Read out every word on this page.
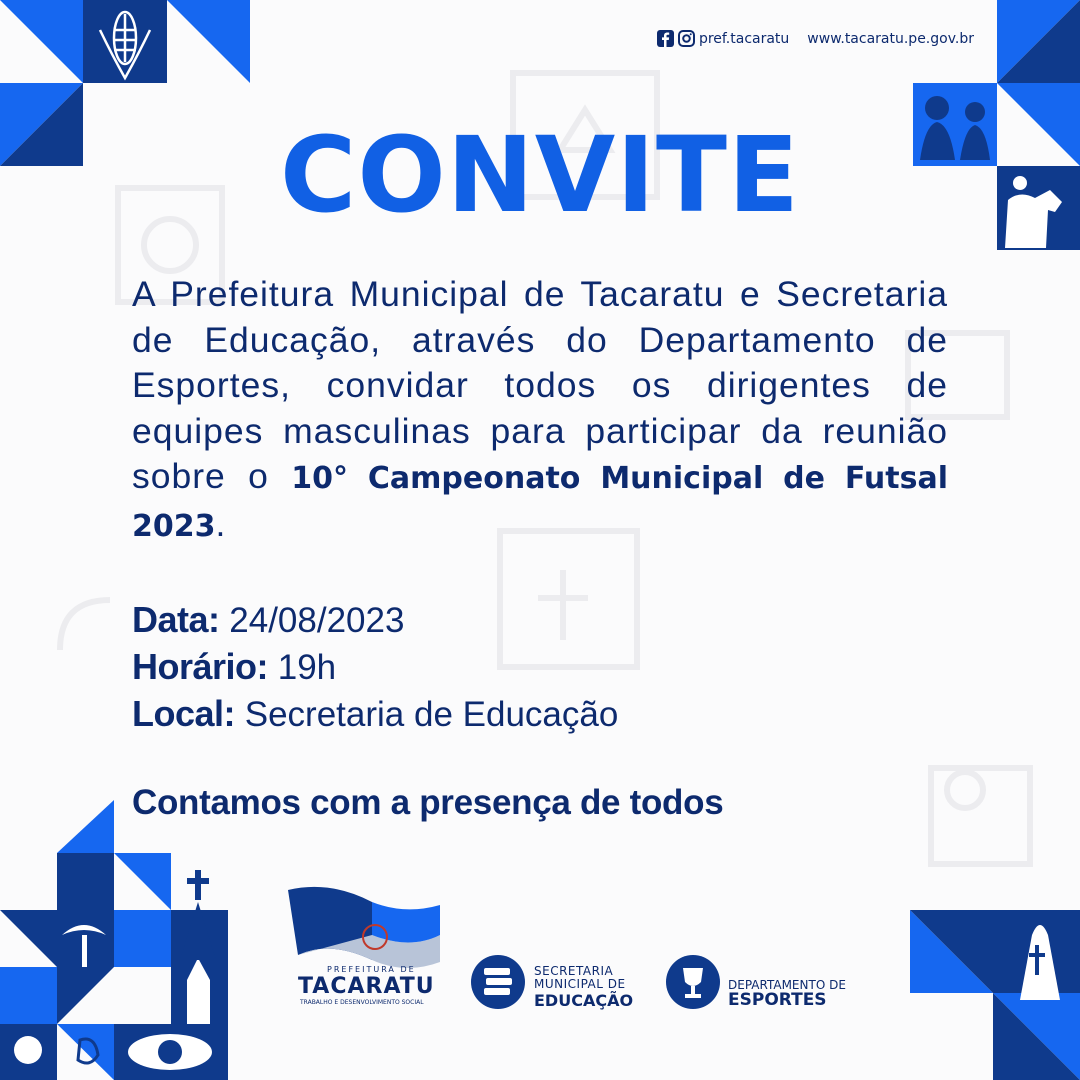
pref.tacaratu www.tacaratu.pe.gov.br
CONVITE
A Prefeitura Municipal de Tacaratu e Secretaria de Educação, através do Departamento de Esportes, convidar todos os dirigentes de equipes masculinas para participar da reunião sobre o 10° Campeonato Municipal de Futsal 2023.
Data: 24/08/2023
Horário: 19h
Local: Secretaria de Educação
Contamos com a presença de todos
PREFEITURA DE
TACARATU
TRABALHO E DESENVOLVIMENTO SOCIAL
SECRETARIA
MUNICIPAL DE
EDUCAÇÃO
DEPARTAMENTO DE
ESPORTES
